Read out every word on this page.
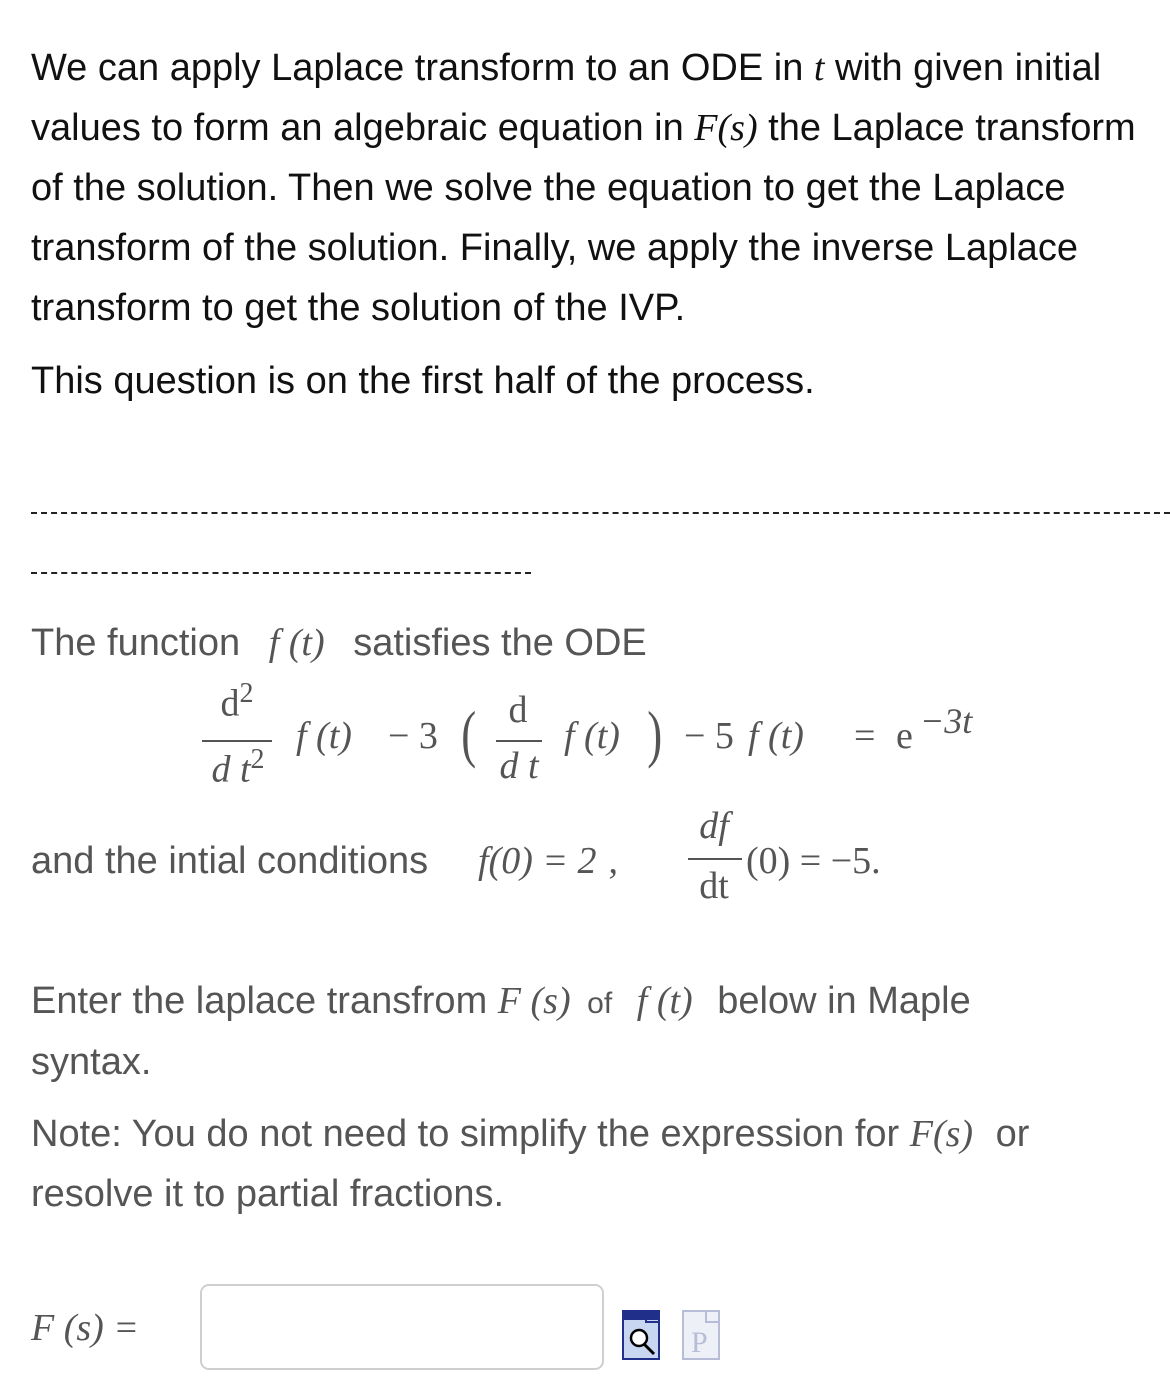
We can apply Laplace transform to an ODE in t with given initial values to form an algebraic equation in F(s) the Laplace transform of the solution. Then we solve the equation to get the Laplace transform of the solution. Finally, we apply the inverse Laplace transform to get the solution of the IVP.

This question is on the first half of the process.

The function f (t) satisfies the ODE
$d^2$
d $t^2$
f (t) − 3 ( d
d t
f (t) ) − 5 f (t) = e −3t
and the intial conditions f(0) = 2 ,
df
dt
(0) = −5.
Enter the laplace transfrom F (s) of f (t) below in Maple
syntax.
Note: You do not need to simplify the expression for F(s) or
resolve it to partial fractions.
F (s) =	P
